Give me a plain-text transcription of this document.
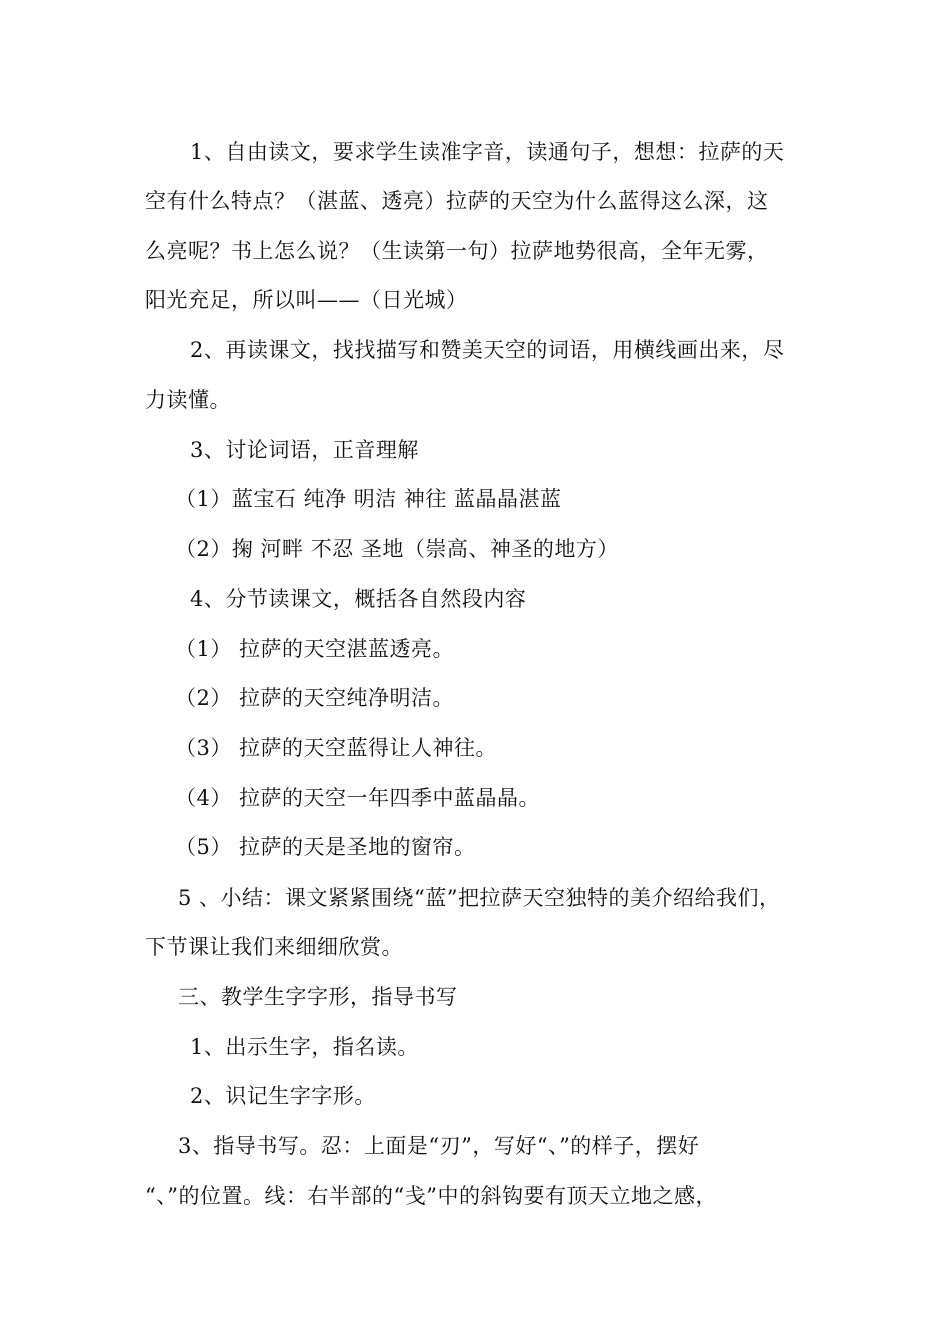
1、自由读文，要求学生读准字音，读通句子，想想：拉萨的天
空有什么特点？（湛蓝、透亮）拉萨的天空为什么蓝得这么深，这
么亮呢？书上怎么说？（生读第一句）拉萨地势很高，全年无雾，
阳光充足，所以叫——（日光城）
2、再读课文，找找描写和赞美天空的词语，用横线画出来，尽
力读懂。
3、讨论词语，正音理解
（1）蓝宝石 纯净 明洁 神往 蓝晶晶湛蓝
（2）掬 河畔 不忍 圣地（崇高、神圣的地方）
4、分节读课文，概括各自然段内容
（1） 拉萨的天空湛蓝透亮。
（2） 拉萨的天空纯净明洁。
（3） 拉萨的天空蓝得让人神往。
（4） 拉萨的天空一年四季中蓝晶晶。
（5） 拉萨的天是圣地的窗帘。
5 、小结：课文紧紧围绕“蓝”把拉萨天空独特的美介绍给我们，
下节课让我们来细细欣赏。
三、教学生字字形，指导书写
1、出示生字，指名读。
2、识记生字字形。
3、指导书写。忍：上面是“刃”，写好“、”的样子，摆好
“、”的位置。线：右半部的“戋”中的斜钩要有顶天立地之感，
